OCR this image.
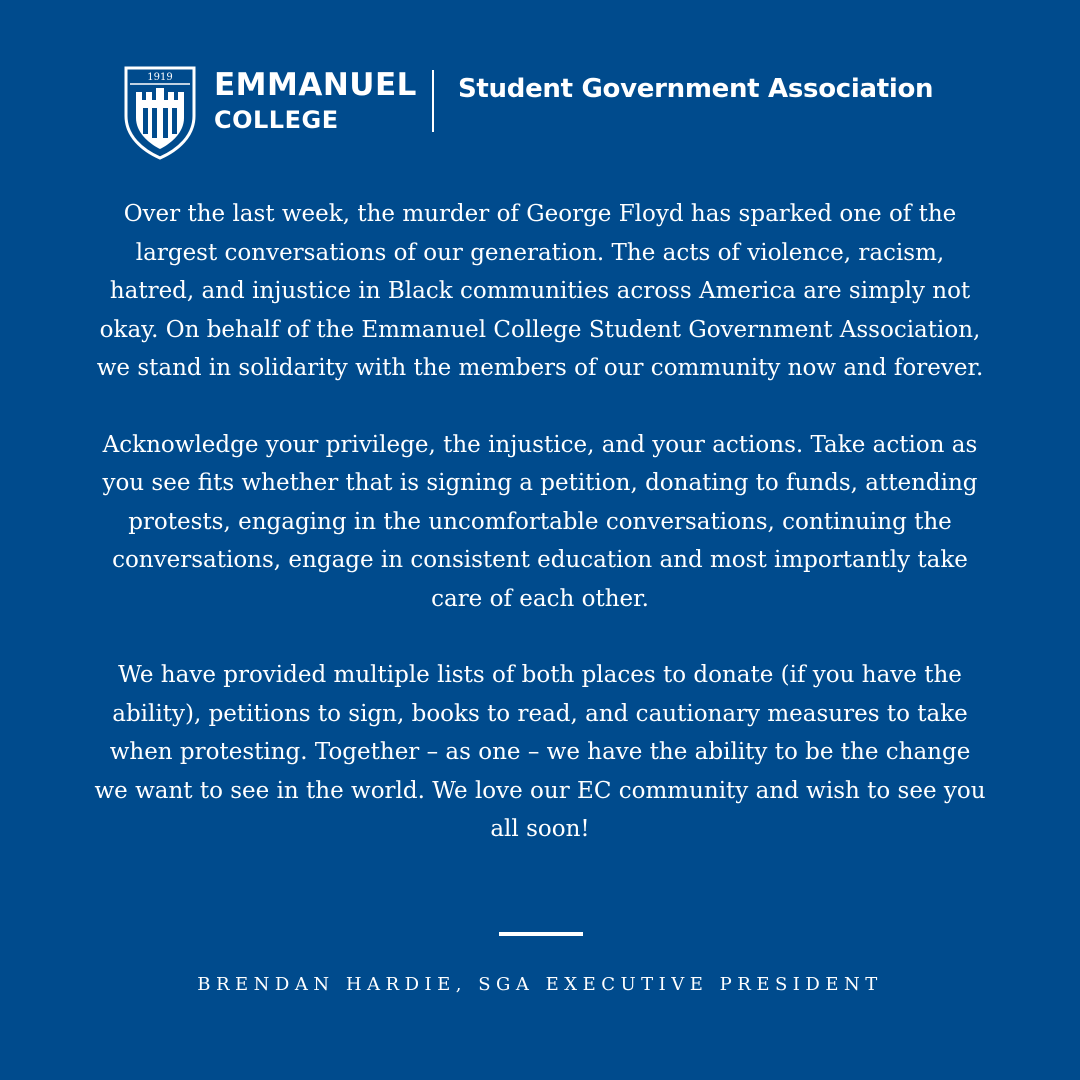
1919 EMMANUEL
COLLEGE
Student Government Association

Over the last week, the murder of George Floyd has sparked one of the largest conversations of our generation. The acts of violence, racism, hatred, and injustice in Black communities across America are simply not okay. On behalf of the Emmanuel College Student Government Association, we stand in solidarity with the members of our community now and forever.

Acknowledge your privilege, the injustice, and your actions. Take action as you see fits whether that is signing a petition, donating to funds, attending protests, engaging in the uncomfortable conversations, continuing the conversations, engage in consistent education and most importantly take care of each other.

We have provided multiple lists of both places to donate (if you have the ability), petitions to sign, books to read, and cautionary measures to take when protesting. Together – as one – we have the ability to be the change we want to see in the world. We love our EC community and wish to see you all soon!

BRENDAN HARDIE, SGA EXECUTIVE PRESIDENT
